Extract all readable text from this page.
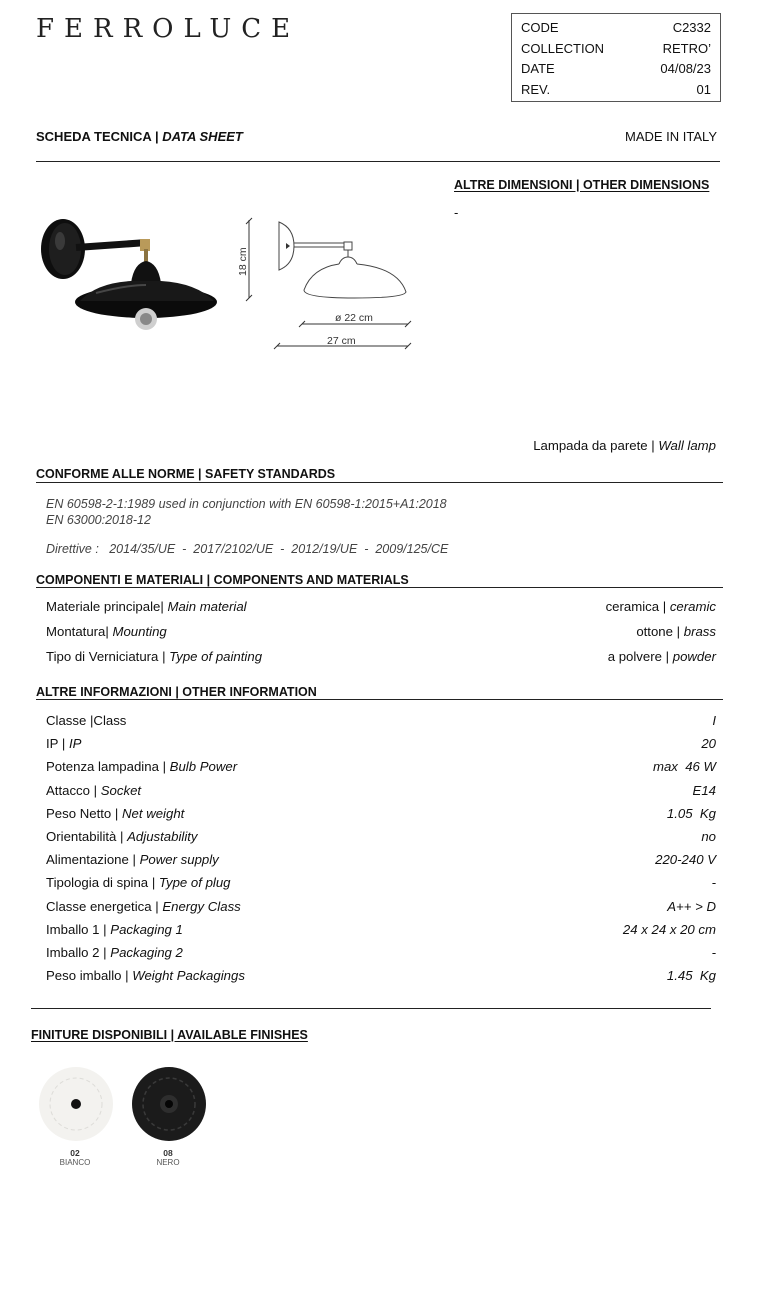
FERROLUCE	CODE	C2332
COLLECTION	RETRO’
DATE	04/08/23
REV.	01
SCHEDA TECNICA | DATA SHEET	MADE IN ITALY
ALTRE DIMENSIONI | OTHER DIMENSIONS
-
18 cm
ø 22 cm
27 cm
Lampada da parete | Wall lamp
CONFORME ALLE NORME | SAFETY STANDARDS
EN 60598-2-1:1989 used in conjunction with EN 60598-1:2015+A1:2018
EN 63000:2018-12
Direttive :   2014/35/UE  -  2017/2102/UE  -  2012/19/UE  -  2009/125/CE
COMPONENTI E MATERIALI | COMPONENTS AND MATERIALS
Materiale principale| Main material	ceramica | ceramic
Montatura| Mounting	ottone | brass
Tipo di Verniciatura | Type of painting	a polvere | powder
ALTRE INFORMAZIONI | OTHER INFORMATION
Classe |Class	I
IP | IP	20
Potenza lampadina | Bulb Power	max  46 W
Attacco | Socket	E14
Peso Netto | Net weight	1.05  Kg
Orientabilità | Adjustability	no
Alimentazione | Power supply	220-240 V
Tipologia di spina | Type of plug	-
Classe energetica | Energy Class	A++ > D
Imballo 1 | Packaging 1	24 x 24 x 20 cm
Imballo 2 | Packaging 2	-
Peso imballo | Weight Packagings	1.45  Kg
FINITURE DISPONIBILI | AVAILABLE FINISHES
02
BIANCO
08
NERO
